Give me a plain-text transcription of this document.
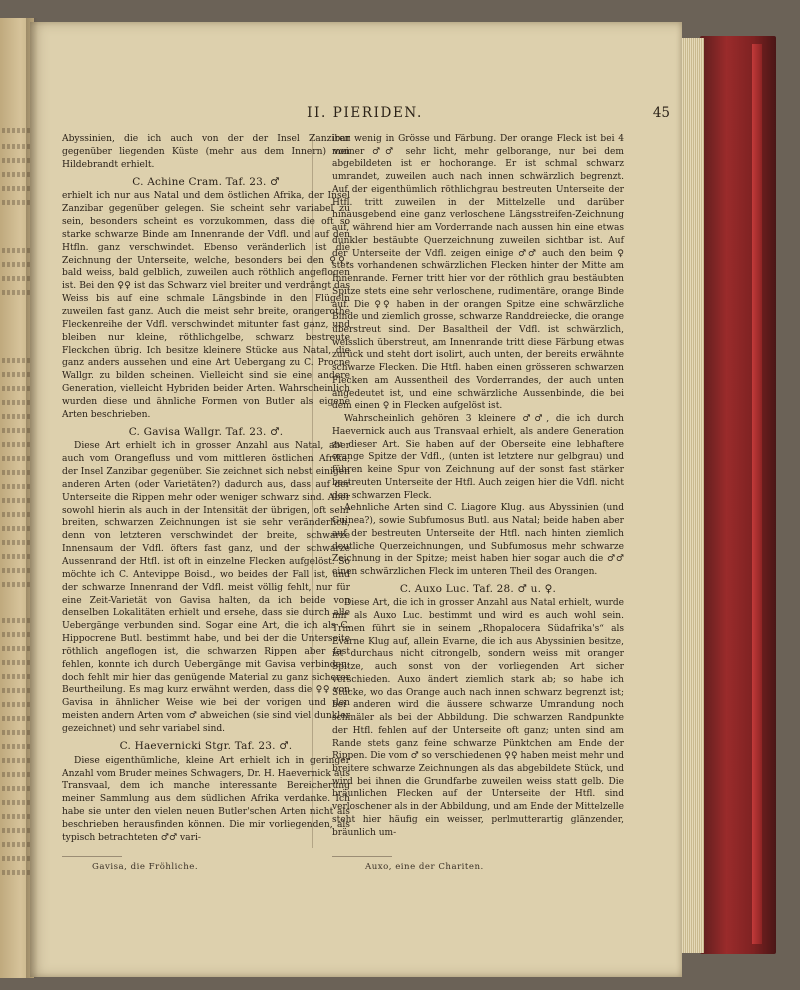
II. PIERIDEN.	45

Abyssinien, die ich auch von der der Insel Zanzibar gegenüber liegenden Küste (mehr aus dem Innern) von Hildebrandt erhielt.

C. Achine Cram. Taf. 23. ♂

erhielt ich nur aus Natal und dem östlichen Afrika, der Insel Zanzibar gegenüber gelegen. Sie scheint sehr variabel zu sein, besonders scheint es vorzukommen, dass die oft so starke schwarze Binde am Innenrande der Vdfl. und auf den Htfln. ganz verschwindet. Ebenso veränderlich ist die Zeichnung der Unterseite, welche, besonders bei den ♀♀, bald weiss, bald gelblich, zuweilen auch röthlich angeflogen ist. Bei den ♀♀ ist das Schwarz viel breiter und verdrängt das Weiss bis auf eine schmale Längsbinde in den Flügeln zuweilen fast ganz. Auch die meist sehr breite, orangerothe Fleckenreihe der Vdfl. verschwindet mitunter fast ganz, und bleiben nur kleine, röthlichgelbe, schwarz bestreute Fleckchen übrig. Ich besitze kleinere Stücke aus Natal, die ganz anders aussehen und eine Art Uebergang zu C. Procne Wallgr. zu bilden scheinen. Vielleicht sind sie eine andere Generation, vielleicht Hybriden beider Arten. Wahrscheinlich wurden diese und ähnliche Formen von Butler als eigene Arten beschrieben.

C. Gavisa Wallgr. Taf. 23. ♂.

Diese Art erhielt ich in grosser Anzahl aus Natal, aber auch vom Orangefluss und vom mittleren östlichen Afrika, der Insel Zanzibar gegenüber. Sie zeichnet sich nebst einigen anderen Arten (oder Varietäten?) dadurch aus, dass auf der Unterseite die Rippen mehr oder weniger schwarz sind. Aber sowohl hierin als auch in der Intensität der übrigen, oft sehr breiten, schwarzen Zeichnungen ist sie sehr veränderlich, denn von letzteren verschwindet der breite, schwarze Innensaum der Vdfl. öfters fast ganz, und der schwarze Aussenrand der Htfl. ist oft in einzelne Flecken aufgelöst. So möchte ich C. Antevippe Boisd., wo beides der Fall ist, und der schwarze Innenrand der Vdfl. meist völlig fehlt, nur für eine Zeit-Varietät von Gavisa halten, da ich beide von denselben Lokalitäten erhielt und ersehe, dass sie durch alle Uebergänge verbunden sind. Sogar eine Art, die ich als C. Hippocrene Butl. bestimmt habe, und bei der die Unterseite röthlich angeflogen ist, die schwarzen Rippen aber fast fehlen, konnte ich durch Uebergänge mit Gavisa verbinden; doch fehlt mir hier das genügende Material zu ganz sicherer Beurtheilung. Es mag kurz erwähnt werden, dass die ♀♀ von Gavisa in ähnlicher Weise wie bei der vorigen und den meisten andern Arten vom ♂ abweichen (sie sind viel dunkler gezeichnet) und sehr variabel sind.

C. Haevernicki Stgr. Taf. 23. ♂.

Diese eigenthümliche, kleine Art erhielt ich in geringer Anzahl vom Bruder meines Schwagers, Dr. H. Haevernick aus Transvaal, dem ich manche interessante Bereicherung meiner Sammlung aus dem südlichen Afrika verdanke. Ich habe sie unter den vielen neuen Butler'schen Arten nicht als beschrieben herausfinden können. Die mir vorliegenden, als typisch betrachteten ♂♂ vari-

iren wenig in Grösse und Färbung. Der orange Fleck ist bei 4 meiner ♂♂ sehr licht, mehr gelborange, nur bei dem abgebildeten ist er hochorange. Er ist schmal schwarz umrandet, zuweilen auch nach innen schwärzlich begrenzt. Auf der eigenthümlich röthlichgrau bestreuten Unterseite der Htfl. tritt zuweilen in der Mittelzelle und darüber hinausgebend eine ganz verloschene Längsstreifen-Zeichnung auf, während hier am Vorderrande nach aussen hin eine etwas dunkler bestäubte Querzeichnung zuweilen sichtbar ist. Auf der Unterseite der Vdfl. zeigen einige ♂♂ auch den beim ♀ stets vorhandenen schwärzlichen Flecken hinter der Mitte am Innenrande. Ferner tritt hier vor der röthlich grau bestäubten Spitze stets eine sehr verloschene, rudimentäre, orange Binde auf. Die ♀♀ haben in der orangen Spitze eine schwärzliche Binde und ziemlich grosse, schwarze Randdreiecke, die orange überstreut sind. Der Basaltheil der Vdfl. ist schwärzlich, weisslich überstreut, am Innenrande tritt diese Färbung etwas zurück und steht dort isolirt, auch unten, der bereits erwähnte schwarze Flecken. Die Htfl. haben einen grösseren schwarzen Flecken am Aussentheil des Vorderrandes, der auch unten angedeutet ist, und eine schwärzliche Aussenbinde, die bei dem einen ♀ in Flecken aufgelöst ist.

Wahrscheinlich gehören 3 kleinere ♂♂, die ich durch Haevernick auch aus Transvaal erhielt, als andere Generation zu dieser Art. Sie haben auf der Oberseite eine lebhaftere orange Spitze der Vdfl., (unten ist letztere nur gelbgrau) und führen keine Spur von Zeichnung auf der sonst fast stärker bestreuten Unterseite der Htfl. Auch zeigen hier die Vdfl. nicht den schwarzen Fleck.

Aehnliche Arten sind C. Liagore Klug. aus Abyssinien (und Guinea?), sowie Subfumosus Butl. aus Natal; beide haben aber auf der bestreuten Unterseite der Htfl. nach hinten ziemlich deutliche Querzeichnungen, und Subfumosus mehr schwarze Zeichnung in der Spitze; meist haben hier sogar auch die ♂♂ einen schwärzlichen Fleck im unteren Theil des Orangen.

C. Auxo Luc. Taf. 28. ♂ u. ♀.

Diese Art, die ich in grosser Anzahl aus Natal erhielt, wurde mir als Auxo Luc. bestimmt und wird es auch wohl sein. Trimen führt sie in seinem „Rhopalocera Südafrika's“ als Evarne Klug auf, allein Evarne, die ich aus Abyssinien besitze, ist durchaus nicht citrongelb, sondern weiss mit oranger Spitze, auch sonst von der vorliegenden Art sicher verschieden. Auxo ändert ziemlich stark ab; so habe ich Stücke, wo das Orange auch nach innen schwarz begrenzt ist; bei anderen wird die äussere schwarze Umrandung noch schmäler als bei der Abbildung. Die schwarzen Randpunkte der Htfl. fehlen auf der Unterseite oft ganz; unten sind am Rande stets ganz feine schwarze Pünktchen am Ende der Rippen. Die vom ♂ so verschiedenen ♀♀ haben meist mehr und breitere schwarze Zeichnungen als das abgebildete Stück, und wird bei ihnen die Grundfarbe zuweilen weiss statt gelb. Die bräunlichen Flecken auf der Unterseite der Htfl. sind verloschener als in der Abbildung, und am Ende der Mittelzelle steht hier häufig ein weisser, perlmutterartig glänzender, bräunlich um-

Gavisa, die Fröhliche.	Auxo, eine der Chariten.
